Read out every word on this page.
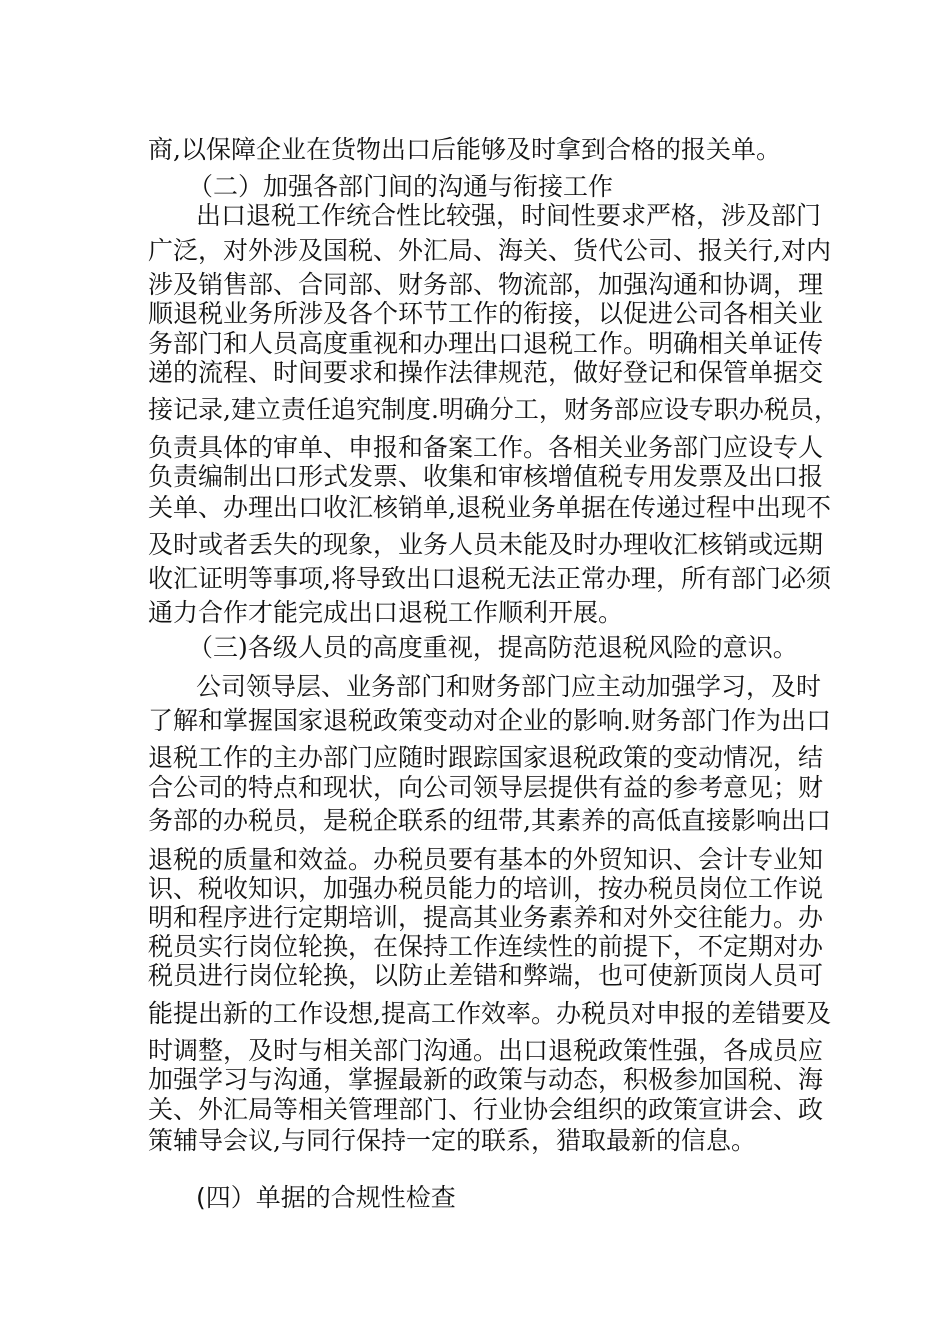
商,以保障企业在货物出口后能够及时拿到合格的报关单。
（二）加强各部门间的沟通与衔接工作
出口退税工作统合性比较强，时间性要求严格，涉及部门
广泛，对外涉及国税、外汇局、海关、货代公司、报关行,对内
涉及销售部、合同部、财务部、物流部，加强沟通和协调，理
顺退税业务所涉及各个环节工作的衔接，以促进公司各相关业
务部门和人员高度重视和办理出口退税工作。明确相关单证传
递的流程、时间要求和操作法律规范，做好登记和保管单据交
接记录,建立责任追究制度.明确分工，财务部应设专职办税员，
负责具体的审单、申报和备案工作。各相关业务部门应设专人
负责编制出口形式发票、收集和审核增值税专用发票及出口报
关单、办理出口收汇核销单,退税业务单据在传递过程中出现不
及时或者丢失的现象，业务人员未能及时办理收汇核销或远期
收汇证明等事项,将导致出口退税无法正常办理，所有部门必须
通力合作才能完成出口退税工作顺利开展。
（三)各级人员的高度重视，提高防范退税风险的意识。
公司领导层、业务部门和财务部门应主动加强学习，及时
了解和掌握国家退税政策变动对企业的影响.财务部门作为出口
退税工作的主办部门应随时跟踪国家退税政策的变动情况，结
合公司的特点和现状，向公司领导层提供有益的参考意见；财
务部的办税员，是税企联系的纽带,其素养的高低直接影响出口
退税的质量和效益。办税员要有基本的外贸知识、会计专业知
识、税收知识，加强办税员能力的培训，按办税员岗位工作说
明和程序进行定期培训，提高其业务素养和对外交往能力。办
税员实行岗位轮换，在保持工作连续性的前提下，不定期对办
税员进行岗位轮换，以防止差错和弊端，也可使新顶岗人员可
能提出新的工作设想,提高工作效率。办税员对申报的差错要及
时调整，及时与相关部门沟通。出口退税政策性强，各成员应
加强学习与沟通，掌握最新的政策与动态，积极参加国税、海
关、外汇局等相关管理部门、行业协会组织的政策宣讲会、政
策辅导会议,与同行保持一定的联系，猎取最新的信息。
(四）单据的合规性检查
